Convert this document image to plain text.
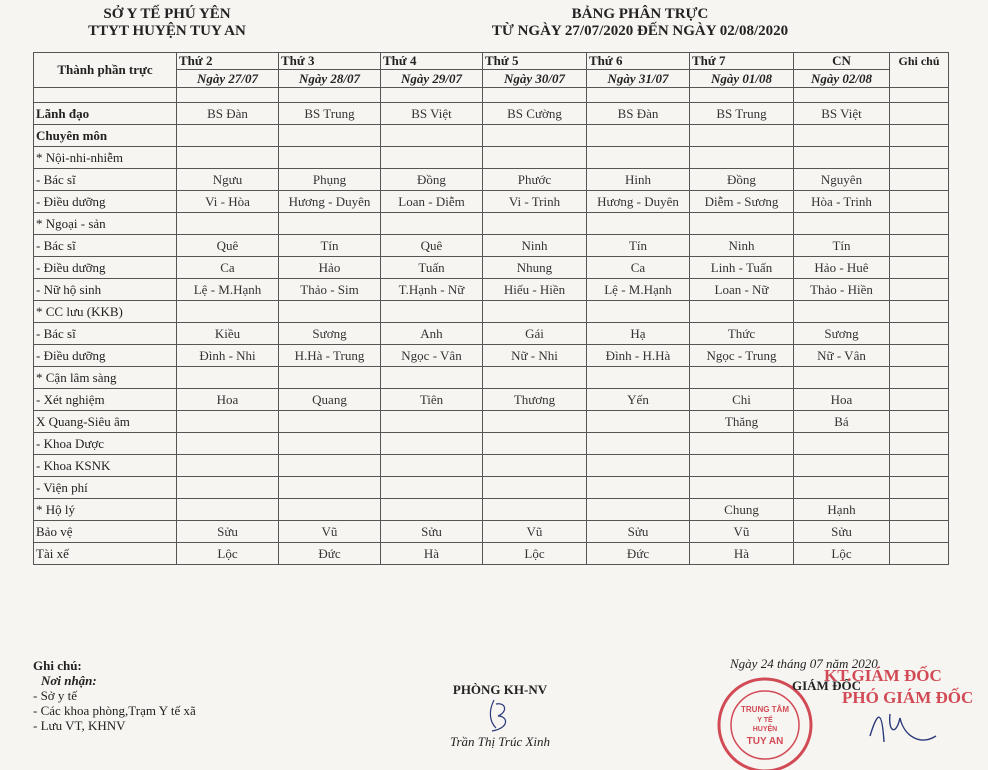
SỞ Y TẾ PHÚ YÊN
TTYT HUYỆN TUY AN
BẢNG PHÂN TRỰC
TỪ NGÀY 27/07/2020 ĐẾN NGÀY 02/08/2020
Thành phần trực	Thứ 2	Thứ 3	Thứ 4	Thứ 5	Thứ 6	Thứ 7	CN	Ghi chú
	Ngày 27/07	Ngày 28/07	Ngày 29/07	Ngày 30/07	Ngày 31/07	Ngày 01/08	Ngày 02/08	

Lãnh đạo	BS Đàn	BS Trung	BS Việt	BS Cường	BS Đàn	BS Trung	BS Việt	
Chuyên môn								
* Nội-nhi-nhiễm								
- Bác sĩ	Ngưu	Phụng	Đồng	Phước	Hinh	Đồng	Nguyên	
- Điều dưỡng	Vi - Hòa	Hương - Duyên	Loan - Diễm	Vi - Trinh	Hương - Duyên	Diễm - Sương	Hòa - Trinh	
* Ngoại - sản								
- Bác sĩ	Quê	Tín	Quê	Ninh	Tín	Ninh	Tín	
- Điều dưỡng	Ca	Hảo	Tuấn	Nhung	Ca	Linh - Tuấn	Hảo - Huê	
- Nữ hộ sinh	Lệ - M.Hạnh	Thảo - Sim	T.Hạnh - Nữ	Hiếu - Hiền	Lệ - M.Hạnh	Loan - Nữ	Thảo - Hiền	
* CC lưu (KKB)								
- Bác sĩ	Kiều	Sương	Anh	Gái	Hạ	Thức	Sương	
- Điều dưỡng	Đình - Nhi	H.Hà - Trung	Ngọc - Vân	Nữ - Nhi	Đình - H.Hà	Ngọc - Trung	Nữ - Vân	
* Cận lâm sàng								
- Xét nghiệm	Hoa	Quang	Tiên	Thương	Yến	Chi	Hoa	
X Quang-Siêu âm						Thăng	Bá	
- Khoa Dược								
- Khoa KSNK								
- Viện phí								
* Hộ lý						Chung	Hạnh	
Bảo vệ	Sửu	Vũ	Sửu	Vũ	Sửu	Vũ	Sửu	
Tài xế	Lộc	Đức	Hà	Lộc	Đức	Hà	Lộc	
Ghi chú:
Nơi nhận:
- Sở y tế
- Các khoa phòng,Trạm Y tế xã
- Lưu VT, KHNV
PHÒNG KH-NV
Trần Thị Trúc Xinh
TRUNG TÂM
Y TẾ
HUYỆN
TUY AN
Ngày 24 tháng 07 năm 2020.
GIÁM ĐỐC
KT.GIÁM ĐỐC
PHÓ GIÁM ĐỐC
